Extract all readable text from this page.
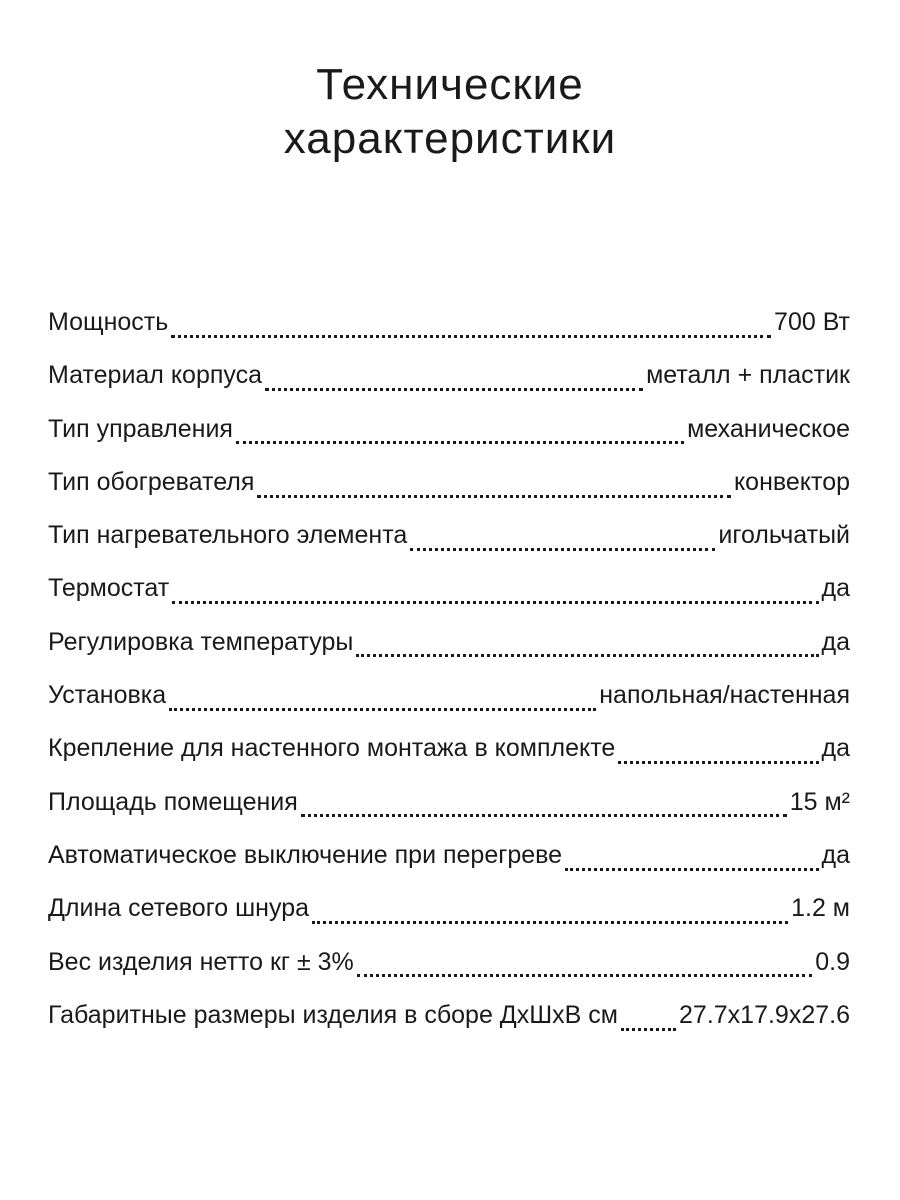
Технические
характеристики
Мощность	700 Вт
Материал корпуса	металл + пластик
Тип управления	механическое
Тип обогревателя	конвектор
Тип нагревательного элемента	игольчатый
Термостат	да
Регулировка температуры	да
Установка	напольная/настенная
Крепление для настенного монтажа в комплекте	да
Площадь помещения	15 м²
Автоматическое выключение при перегреве	да
Длина сетевого шнура	1.2 м
Вес изделия нетто кг ± 3%	0.9
Габаритные размеры изделия в сборе ДхШхВ см 27.7x17.9x27.6
